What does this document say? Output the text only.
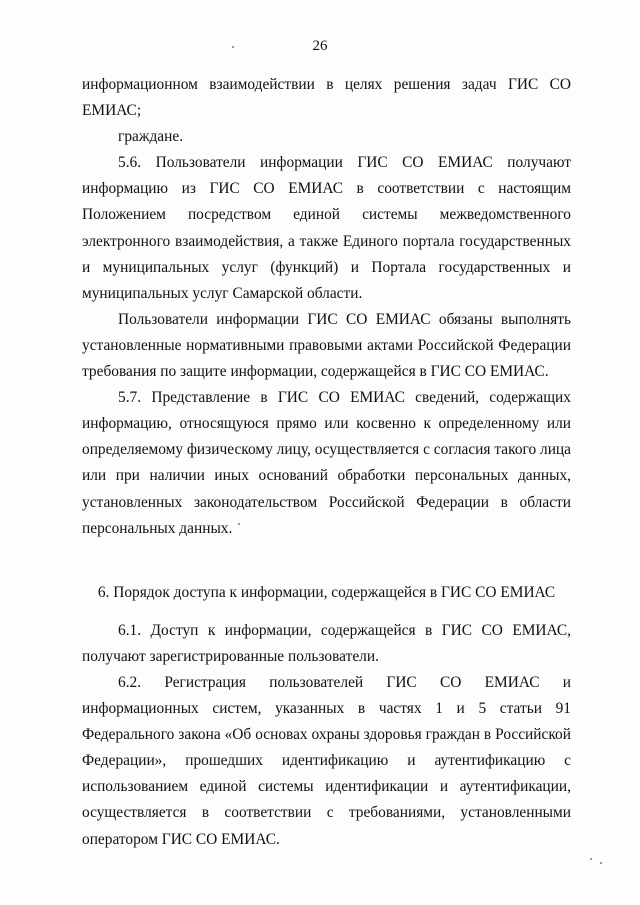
26

информационном взаимодействии в целях решения задач ГИС СО ЕМИАС;

граждане.

5.6. Пользователи информации ГИС СО ЕМИАС получают информацию из ГИС СО ЕМИАС в соответствии с настоящим Положением посредством единой системы межведомственного электронного взаимодействия, а также Единого портала государственных и муниципальных услуг (функций) и Портала государственных и муниципальных услуг Самарской области.

Пользователи информации ГИС СО ЕМИАС обязаны выполнять установленные нормативными правовыми актами Российской Федерации требования по защите информации, содержащейся в ГИС СО ЕМИАС.

5.7. Представление в ГИС СО ЕМИАС сведений, содержащих информацию, относящуюся прямо или косвенно к определенному или определяемому физическому лицу, осуществляется с согласия такого лица или при наличии иных оснований обработки персональных данных, установленных законодательством Российской Федерации в области персональных данных.

6. Порядок доступа к информации, содержащейся в ГИС СО ЕМИАС

6.1. Доступ к информации, содержащейся в ГИС СО ЕМИАС, получают зарегистрированные пользователи.

6.2. Регистрация пользователей ГИС СО ЕМИАС и информационных систем, указанных в частях 1 и 5 статьи 91 Федерального закона «Об основах охраны здоровья граждан в Российской Федерации», прошедших идентификацию и аутентификацию с использованием единой системы идентификации и аутентификации, осуществляется в соответствии с требованиями, установленными оператором ГИС СО ЕМИАС.
